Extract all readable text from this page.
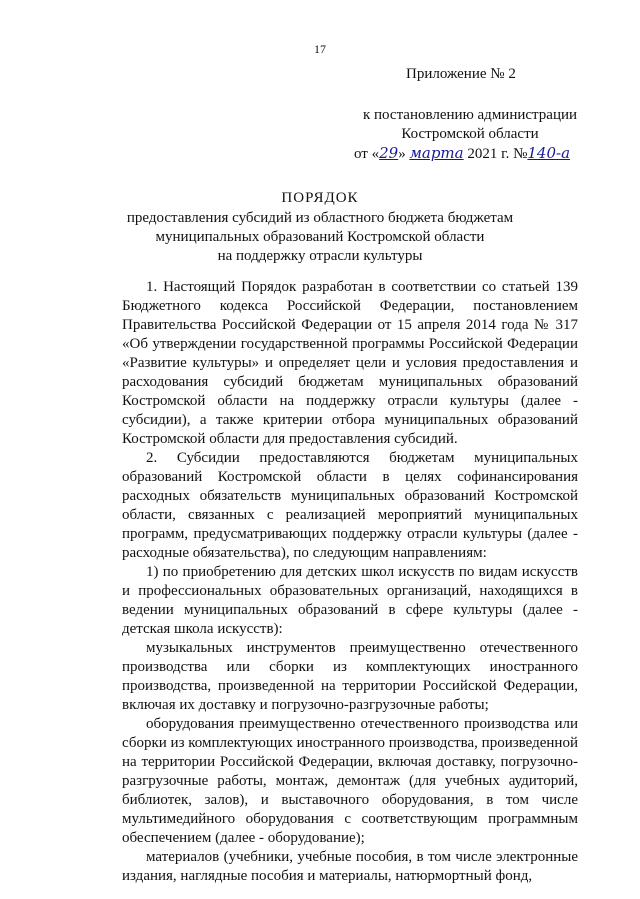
17
Приложение № 2
к постановлению администрации
Костромской области
от «29» марта 2021 г. №140-а
ПОРЯДОК
предоставления субсидий из областного бюджета бюджетам
муниципальных образований Костромской области
на поддержку отрасли культуры

1. Настоящий Порядок разработан в соответствии со статьей 139 Бюджетного кодекса Российской Федерации, постановлением Правительства Российской Федерации от 15 апреля 2014 года № 317 «Об утверждении государственной программы Российской Федерации «Развитие культуры» и определяет цели и условия предоставления и расходования субсидий бюджетам муниципальных образований Костромской области на поддержку отрасли культуры (далее - субсидии), а также критерии отбора муниципальных образований Костромской области для предоставления субсидий.

2. Субсидии предоставляются бюджетам муниципальных образований Костромской области в целях софинансирования расходных обязательств муниципальных образований Костромской области, связанных с реализацией мероприятий муниципальных программ, предусматривающих поддержку отрасли культуры (далее - расходные обязательства), по следующим направлениям:

1) по приобретению для детских школ искусств по видам искусств и профессиональных образовательных организаций, находящихся в ведении муниципальных образований в сфере культуры (далее - детская школа искусств):

музыкальных инструментов преимущественно отечественного производства или сборки из комплектующих иностранного производства, произведенной на территории Российской Федерации, включая их доставку и погрузочно-разгрузочные работы;

оборудования преимущественно отечественного производства или сборки из комплектующих иностранного производства, произведенной на территории Российской Федерации, включая доставку, погрузочно-разгрузочные работы, монтаж, демонтаж (для учебных аудиторий, библиотек, залов), и выставочного оборудования, в том числе мультимедийного оборудования с соответствующим программным обеспечением (далее - оборудование);

материалов (учебники, учебные пособия, в том числе электронные издания, наглядные пособия и материалы, натюрмортный фонд,
